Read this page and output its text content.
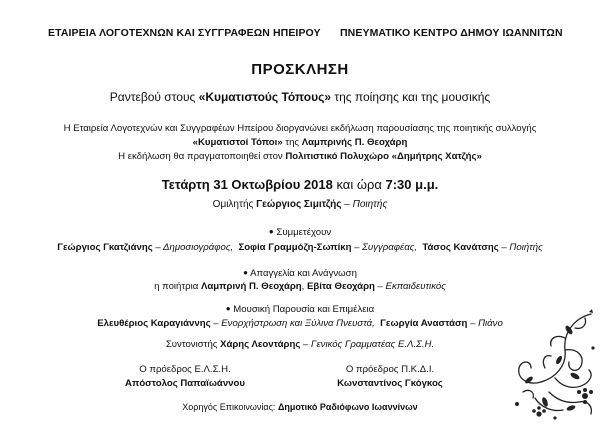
ΕΤΑΙΡΕΙΑ ΛΟΓΟΤΕΧΝΩΝ ΚΑΙ ΣΥΓΓΡΑΦΕΩΝ ΗΠΕΙΡΟΥ ΠΝΕΥΜΑΤΙΚΟ ΚΕΝΤΡΟ ΔΗΜΟΥ ΙΩΑΝΝΙΤΩΝ
ΠΡΟΣΚΛΗΣΗ
Ραντεβού στους «Κυματιστούς Τόπους» της ποίησης και της μουσικής
Η Εταιρεία Λογοτεχνών και Συγγραφέων Ηπείρου διοργανώνει εκδήλωση παρουσίασης της ποιητικής συλλογής
«Κυματιστοί Τόποι» της Λαμπρινής Π. Θεοχάρη
Η εκδήλωση θα πραγματοποιηθεί στον Πολιτιστικό Πολυχώρο «Δημήτρης Χατζής»
Τετάρτη 31 Οκτωβρίου 2018 και ώρα 7:30 μ.μ.
Ομιλητής Γεώργιος Σιμιτζής – Ποιητής
● Συμμετέχουν
Γεώργιος Γκατζιάνης – Δημοσιογράφος, Σοφία Γραμμόζη-Σωπίκη – Συγγραφέας, Τάσος Κανάτσης – Ποιήτής
● Απαγγελία και Ανάγνωση
η ποιήτρια Λαμπρινή Π. Θεοχάρη, Εβίτα Θεοχάρη – Εκπαιδευτικός
● Μουσική Παρουσία και Επιμέλεια
Ελευθέριος Καραγιάννης – Ενορχήστρωση και Ξύλινα Πνευστά, Γεωργία Αναστάση – Πιάνο
Συντονιστής Χάρης Λεοντάρης – Γενικός Γραμματέας Ε.Λ.Σ.Η.
Ο πρόεδρος Ε.Λ.Σ.Η.
Απόστολος Παπαϊωάννου
Ο πρόεδρος Π.Κ.Δ.Ι.
Κωνσταντίνος Γκόγκος
Χορηγός Επικοινωνίας: Δημοτικό Ραδιόφωνο Ιωαννίνων
